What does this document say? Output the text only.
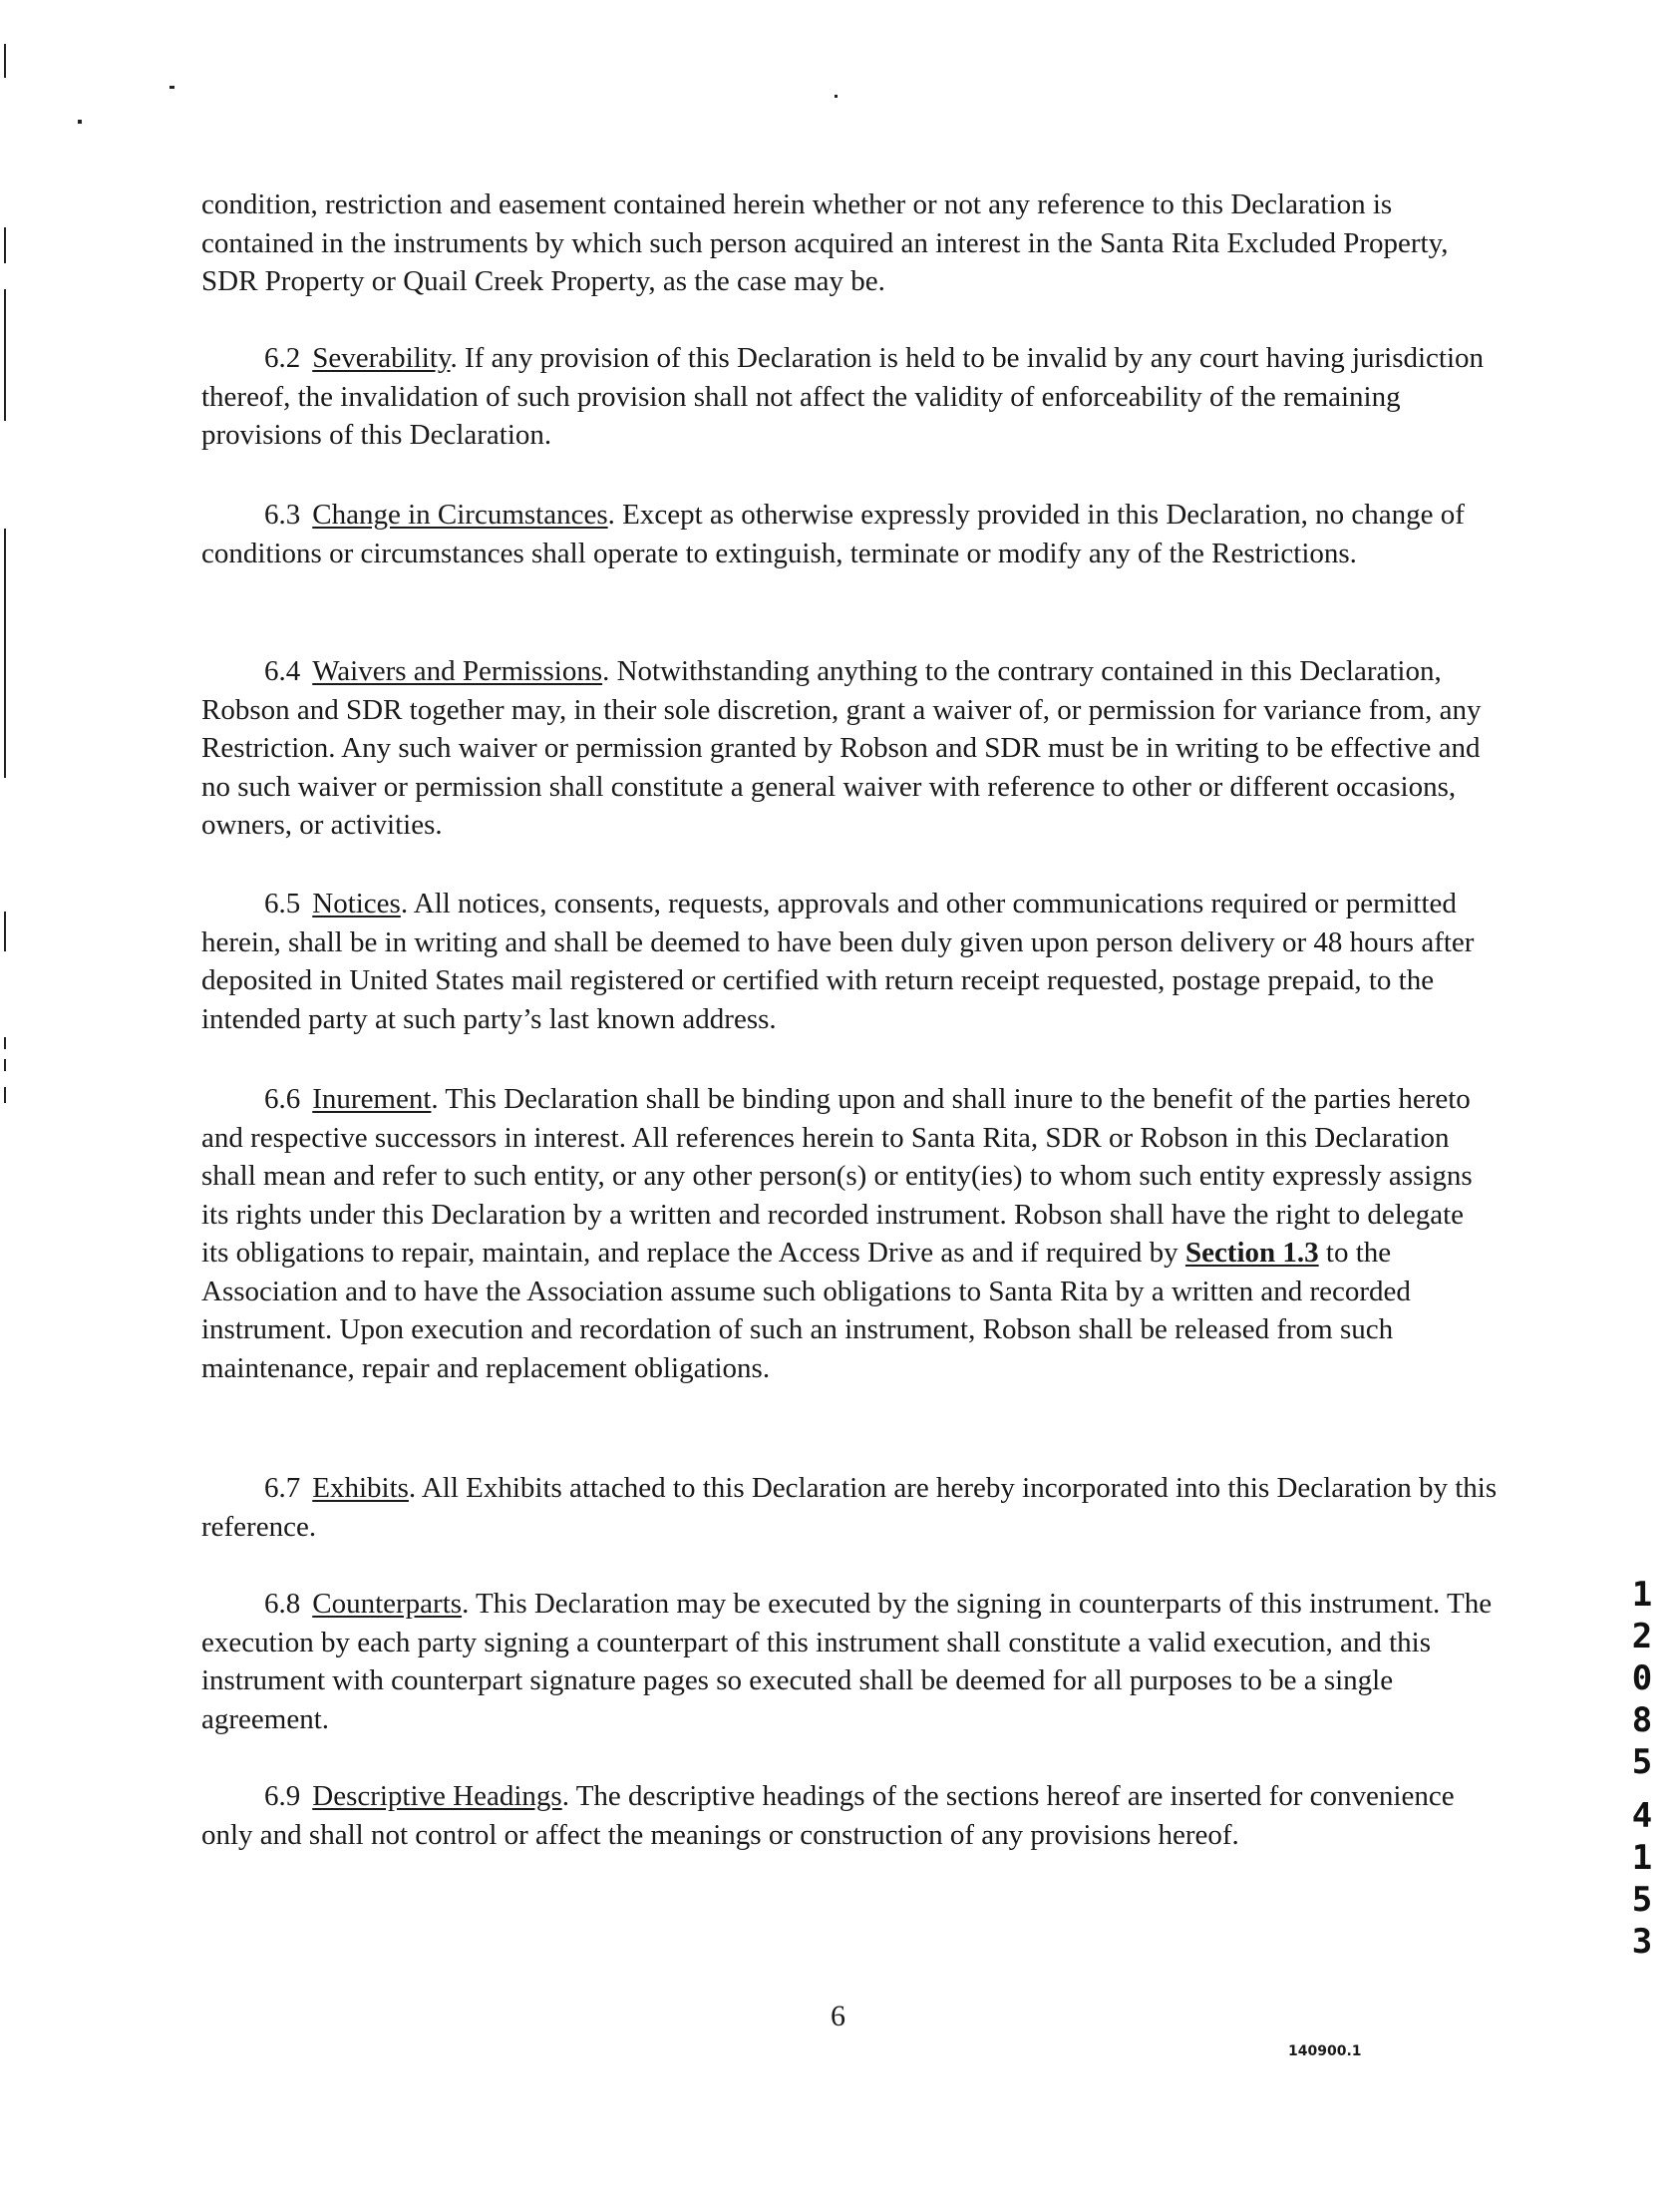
condition, restriction and easement contained herein whether or not any reference to this Declaration is contained in the instruments by which such person acquired an interest in the Santa Rita Excluded Property, SDR Property or Quail Creek Property, as the case may be.

6.2 Severability. If any provision of this Declaration is held to be invalid by any court having jurisdiction thereof, the invalidation of such provision shall not affect the validity of enforceability of the remaining provisions of this Declaration.

6.3 Change in Circumstances. Except as otherwise expressly provided in this Declaration, no change of conditions or circumstances shall operate to extinguish, terminate or modify any of the Restrictions.

6.4 Waivers and Permissions. Notwithstanding anything to the contrary contained in this Declaration, Robson and SDR together may, in their sole discretion, grant a waiver of, or permission for variance from, any Restriction. Any such waiver or permission granted by Robson and SDR must be in writing to be effective and no such waiver or permission shall constitute a general waiver with reference to other or different occasions, owners, or activities.

6.5 Notices. All notices, consents, requests, approvals and other communications required or permitted herein, shall be in writing and shall be deemed to have been duly given upon person delivery or 48 hours after deposited in United States mail registered or certified with return receipt requested, postage prepaid, to the intended party at such party’s last known address.

6.6 Inurement. This Declaration shall be binding upon and shall inure to the benefit of the parties hereto and respective successors in interest. All references herein to Santa Rita, SDR or Robson in this Declaration shall mean and refer to such entity, or any other person(s) or entity(ies) to whom such entity expressly assigns its rights under this Declaration by a written and recorded instrument. Robson shall have the right to delegate its obligations to repair, maintain, and replace the Access Drive as and if required by Section 1.3 to the Association and to have the Association assume such obligations to Santa Rita by a written and recorded instrument. Upon execution and recordation of such an instrument, Robson shall be released from such maintenance, repair and replacement obligations.

6.7 Exhibits. All Exhibits attached to this Declaration are hereby incorporated into this Declaration by this reference.

6.8 Counterparts. This Declaration may be executed by the signing in counterparts of this instrument. The execution by each party signing a counterpart of this instrument shall constitute a valid execution, and this instrument with counterpart signature pages so executed shall be deemed for all purposes to be a single agreement.

6.9 Descriptive Headings. The descriptive headings of the sections hereof are inserted for convenience only and shall not control or affect the meanings or construction of any provisions hereof.

1
2
0
8
5
4
1
5
3
6
140900.1
